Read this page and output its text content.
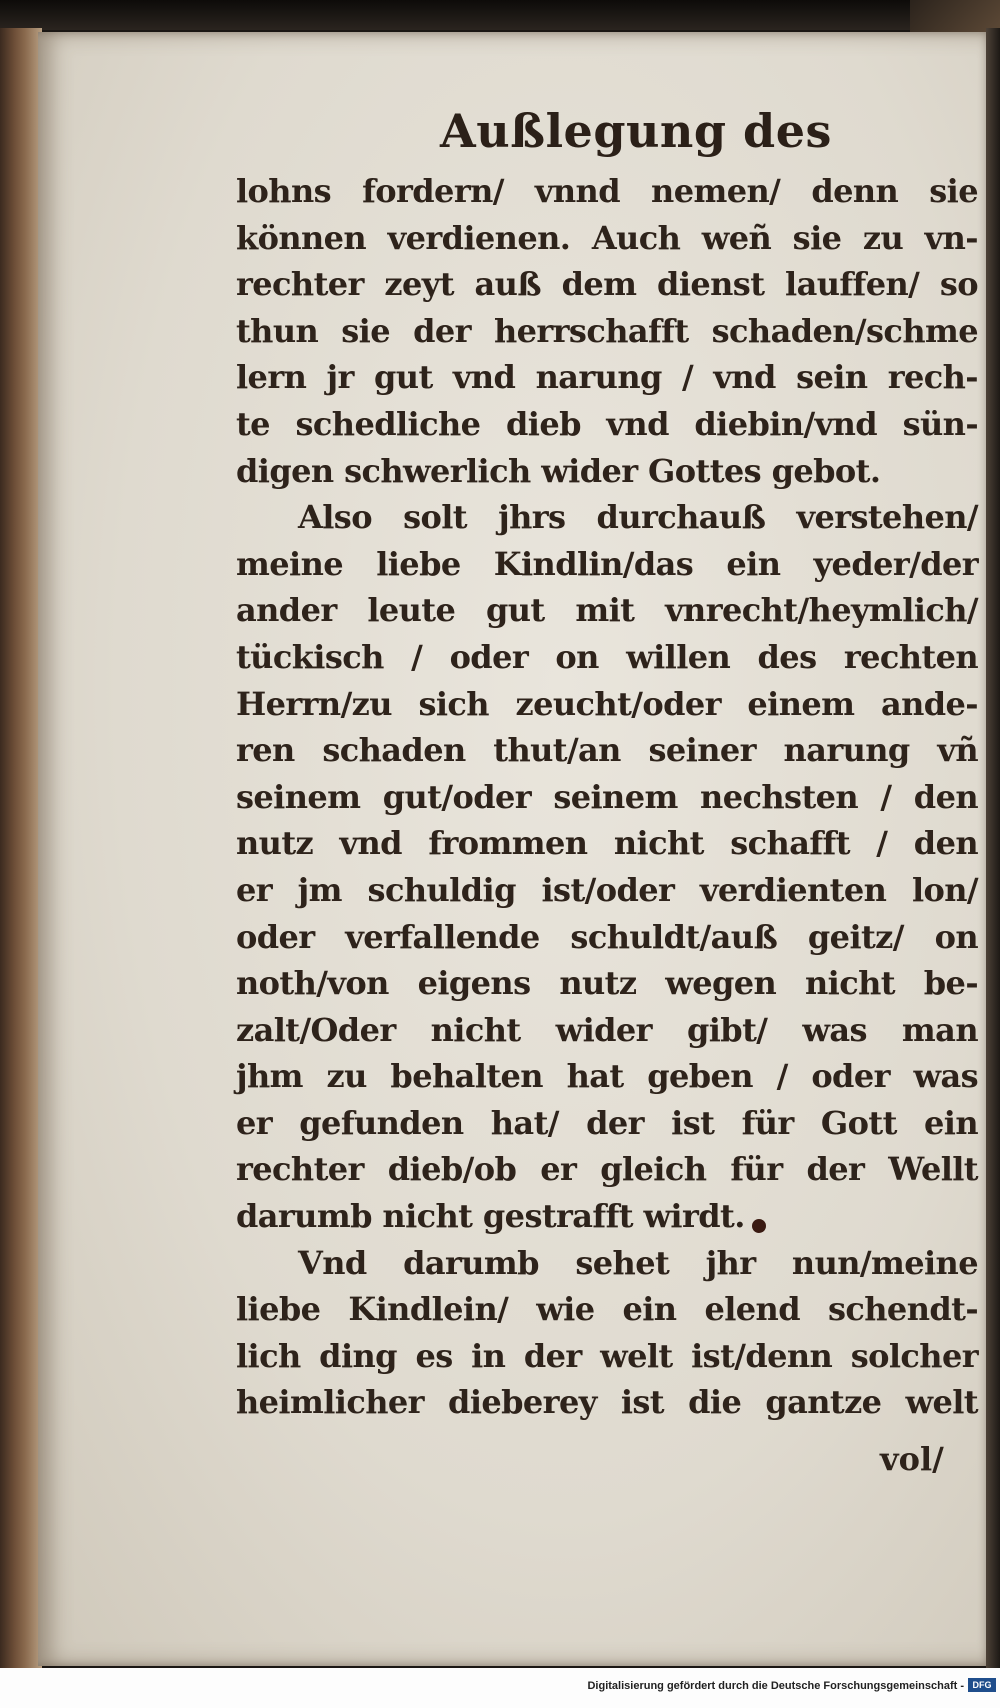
Außlegung des
lohns fordern/ vnnd nemen/ denn sie
können verdienen. Auch weñ sie zu vn-
rechter zeyt auß dem dienst lauffen/ so
thun sie der herrschafft schaden/schme
lern jr gut vnd narung / vnd sein rech-
te schedliche dieb vnd diebin/vnd sün-
digen schwerlich wider Gottes gebot.
Also solt jhrs durchauß verstehen/
meine liebe Kindlin/das ein yeder/der
ander leute gut mit vnrecht/heymlich/
tückisch / oder on willen des rechten
Herrn/zu sich zeucht/oder einem ande-
ren schaden thut/an seiner narung vñ
seinem gut/oder seinem nechsten / den
nutz vnd frommen nicht schafft / den
er jm schuldig ist/oder verdienten lon/
oder verfallende schuldt/auß geitz/ on
noth/von eigens nutz wegen nicht be-
zalt/Oder nicht wider gibt/ was man
jhm zu behalten hat geben / oder was
er gefunden hat/ der ist für Gott ein
rechter dieb/ob er gleich für der Wellt
darumb nicht gestrafft wirdt.
Vnd darumb sehet jhr nun/meine
liebe Kindlein/ wie ein elend schendt-
lich ding es in der welt ist/denn solcher
heimlicher dieberey ist die gantze welt
vol/
Digitalisierung gefördert durch die Deutsche Forschungsgemeinschaft - DFG
